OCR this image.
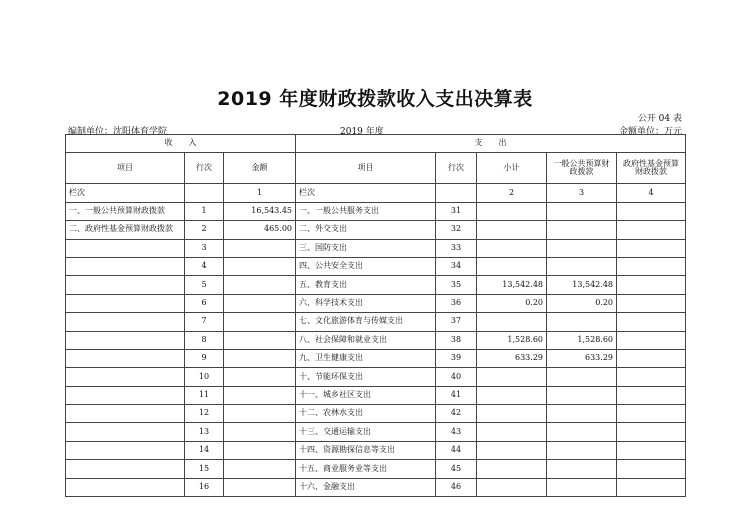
2019 年度财政拨款收入支出决算表
公开 04 表
编制单位：沈阳体育学院	2019 年度	金额单位：万元
收　　入			支　　出				
项目	行次	金额	项目	行次	小计	一般公共预算财政拨款	政府性基金预算财政拨款
栏次		1	栏次		2	3	4
一、一般公共预算财政拨款	1	16,543.45	一、一般公共服务支出	31			
二、政府性基金预算财政拨款	2	465.00	二、外交支出	32			
	3		三、国防支出	33			
	4		四、公共安全支出	34			
	5		五、教育支出	35	13,542.48	13,542.48	
	6		六、科学技术支出	36	0.20	0.20	
	7		七、文化旅游体育与传媒支出	37			
	8		八、社会保障和就业支出	38	1,528.60	1,528.60	
	9		九、卫生健康支出	39	633.29	633.29	
	10		十、节能环保支出	40			
	11		十一、城乡社区支出	41			
	12		十二、农林水支出	42			
	13		十三、交通运输支出	43			
	14		十四、资源勘探信息等支出	44			
	15		十五、商业服务业等支出	45			
	16		十六、金融支出	46			
